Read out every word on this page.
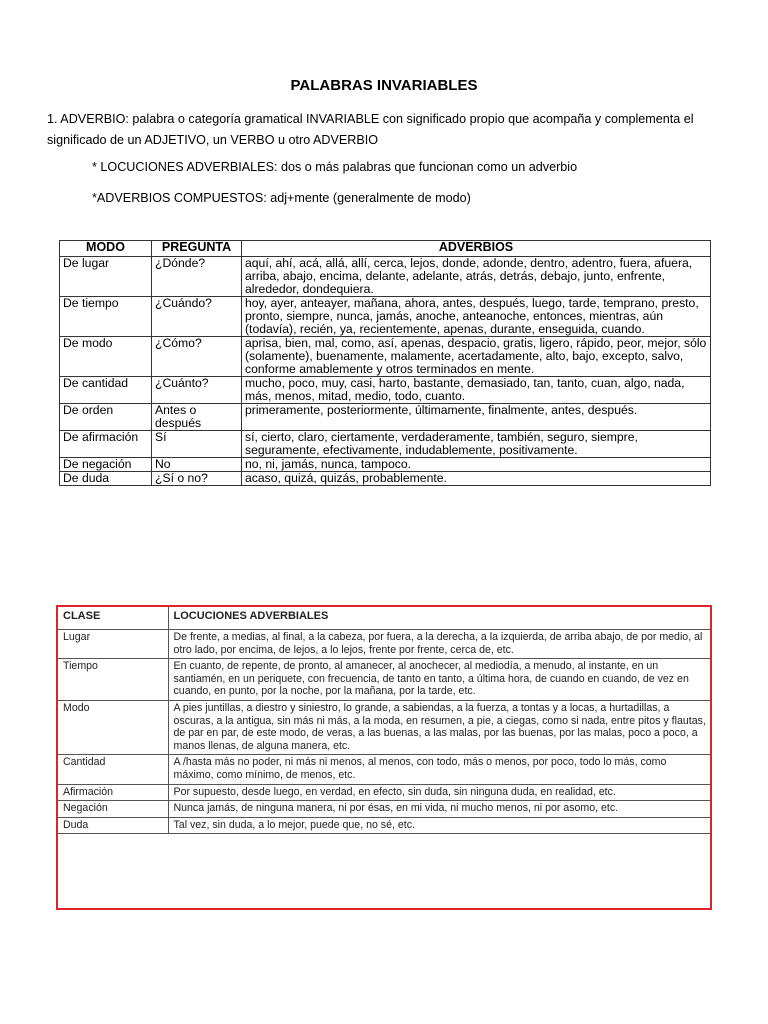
PALABRAS INVARIABLES
1. ADVERBIO: palabra o categoría gramatical INVARIABLE con significado propio que acompaña y complementa el significado de un ADJETIVO, un VERBO u otro ADVERBIO
* LOCUCIONES ADVERBIALES: dos o más palabras que funcionan como un adverbio
*ADVERBIOS COMPUESTOS: adj+mente (generalmente de modo)
MODO	PREGUNTA	ADVERBIOS
De lugar	¿Dónde?	aquí, ahí, acá, allá, allí, cerca, lejos, donde, adonde, dentro, adentro, fuera, afuera, arriba, abajo, encima, delante, adelante, atrás, detrás, debajo, junto, enfrente, alrededor, dondequiera.
De tiempo	¿Cuándo?	hoy, ayer, anteayer, mañana, ahora, antes, después, luego, tarde, temprano, presto, pronto, siempre, nunca, jamás, anoche, anteanoche, entonces, mientras, aún (todavía), recién, ya, recientemente, apenas, durante, enseguida, cuando.
De modo	¿Cómo?	aprisa, bien, mal, como, así, apenas, despacio, gratis, ligero, rápido, peor, mejor, sólo (solamente), buenamente, malamente, acertadamente, alto, bajo, excepto, salvo, conforme amablemente y otros terminados en mente.
De cantidad	¿Cuánto?	mucho, poco, muy, casi, harto, bastante, demasiado, tan, tanto, cuan, algo, nada, más, menos, mitad, medio, todo, cuanto.
De orden	Antes o después	primeramente, posteriormente, últimamente, finalmente, antes, después.
De afirmación	Sí	sí, cierto, claro, ciertamente, verdaderamente, también, seguro, siempre, seguramente, efectivamente, indudablemente, positivamente.
De negación	No	no, ni, jamás, nunca, tampoco.
De duda	¿Sí o no?	acaso, quizá, quizás, probablemente.
CLASE	LOCUCIONES ADVERBIALES
Lugar	De frente, a medias, al final, a la cabeza, por fuera, a la derecha, a la izquierda, de arriba abajo, de por medio, al otro lado, por encima, de lejos, a lo lejos, frente por frente, cerca de, etc.
Tiempo	En cuanto, de repente, de pronto, al amanecer, al anochecer, al mediodía, a menudo, al instante, en un santiamén, en un periquete, con frecuencia, de tanto en tanto, a última hora, de cuando en cuando, de vez en cuando, en punto, por la noche, por la mañana, por la tarde, etc.
Modo	A pies juntillas, a diestro y siniestro, lo grande, a sabiendas, a la fuerza, a tontas y a locas, a hurtadillas, a oscuras, a la antigua, sin más ni más, a la moda, en resumen, a pie, a ciegas, como si nada, entre pitos y flautas, de par en par, de este modo, de veras, a las buenas, a las malas, por las buenas, por las malas, poco a poco, a manos llenas, de alguna manera, etc.
Cantidad	A /hasta más no poder, ni más ni menos, al menos, con todo, más o menos, por poco, todo lo más, como máximo, como mínimo, de menos, etc.
Afirmación	Por supuesto, desde luego, en verdad, en efecto, sin duda, sin ninguna duda, en realidad, etc.
Negación	Nunca jamás, de ninguna manera, ni por ésas, en mi vida, ni mucho menos, ni por asomo, etc.
Duda	Tal vez, sin duda, a lo mejor, puede que, no sé, etc.
